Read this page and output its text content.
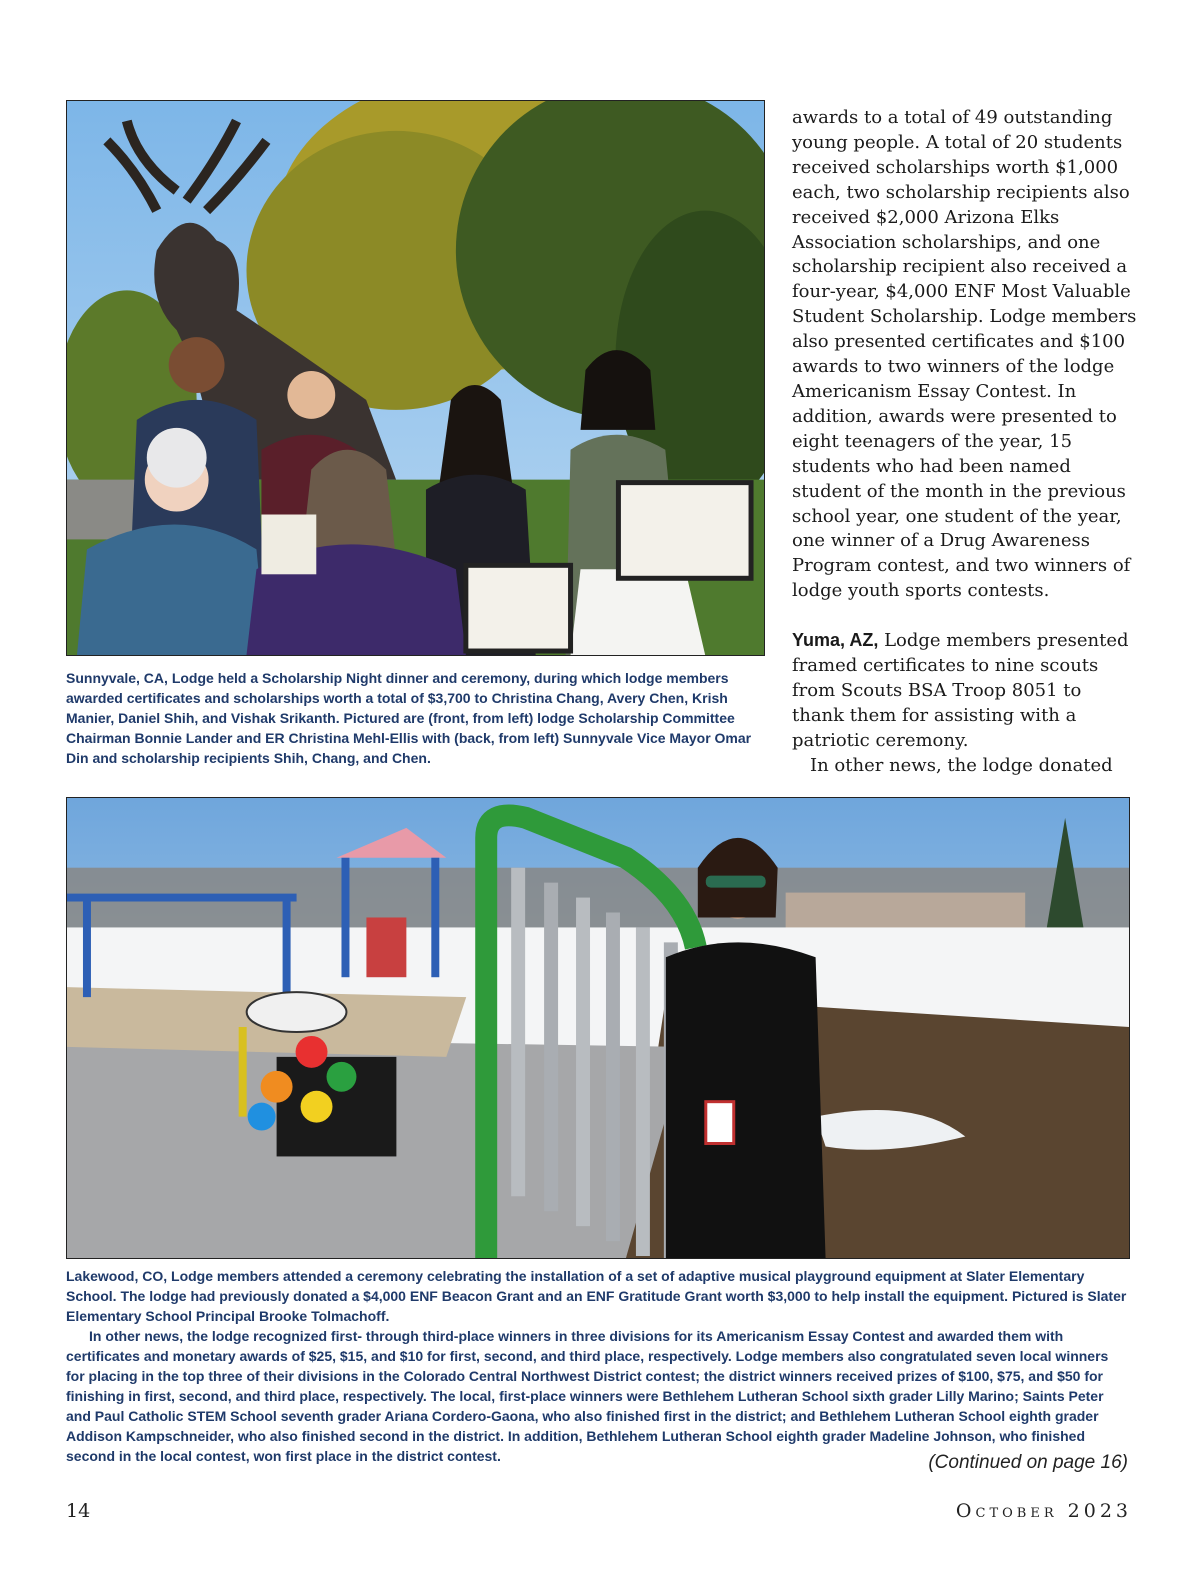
Sunnyvale, CA, Lodge held a Scholarship Night dinner and ceremony, during which lodge members awarded certificates and scholarships worth a total of $3,700 to Christina Chang, Avery Chen, Krish Manier, Daniel Shih, and Vishak Srikanth. Pictured are (front, from left) lodge Scholarship Committee Chairman Bonnie Lander and ER Christina Mehl-Ellis with (back, from left) Sunnyvale Vice Mayor Omar Din and scholarship recipients Shih, Chang, and Chen.

awards to a total of 49 outstanding young people. A total of 20 students received scholarships worth $1,000 each, two scholarship recipients also received $2,000 Arizona Elks Association scholarships, and one scholarship recipient also received a four-year, $4,000 ENF Most Valuable Student Scholarship. Lodge members also presented certificates and $100 awards to two winners of the lodge Americanism Essay Contest. In addition, awards were presented to eight teenagers of the year, 15 students who had been named student of the month in the previous school year, one student of the year, one winner of a Drug Awareness Program contest, and two winners of lodge youth sports contests.

Yuma, AZ, Lodge members presented framed certificates to nine scouts from Scouts BSA Troop 8051 to thank them for assisting with a patriotic ceremony.

In other news, the lodge donated

Lakewood, CO, Lodge members attended a ceremony celebrating the installation of a set of adaptive musical playground equipment at Slater Elementary School. The lodge had previously donated a $4,000 ENF Beacon Grant and an ENF Gratitude Grant worth $3,000 to help install the equipment. Pictured is Slater Elementary School Principal Brooke Tolmachoff.

In other news, the lodge recognized first- through third-place winners in three divisions for its Americanism Essay Contest and awarded them with certificates and monetary awards of $25, $15, and $10 for first, second, and third place, respectively. Lodge members also congratulated seven local winners for placing in the top three of their divisions in the Colorado Central Northwest District contest; the district winners received prizes of $100, $75, and $50 for finishing in first, second, and third place, respectively. The local, first-place winners were Bethlehem Lutheran School sixth grader Lilly Marino; Saints Peter and Paul Catholic STEM School seventh grader Ariana Cordero-Gaona, who also finished first in the district; and Bethlehem Lutheran School eighth grader Addison Kampschneider, who also finished second in the district. In addition, Bethlehem Lutheran School eighth grader Madeline Johnson, who finished second in the local contest, won first place in the district contest.	(Continued on page 16)
14	October 2023
